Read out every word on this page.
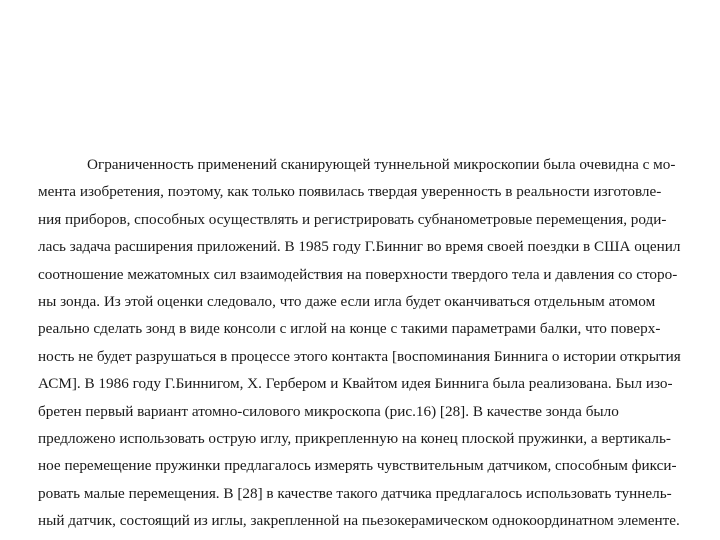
Ограниченность применений сканирующей туннельной микроскопии была очевидна с мо-
мента изобретения, поэтому, как только появилась твердая уверенность в реальности изготовле-
ния приборов, способных осуществлять и регистрировать субнанометровые перемещения, роди-
лась задача расширения приложений. В 1985 году Г.Бинниг во время своей поездки в США оценил
соотношение межатомных сил взаимодействия на поверхности твердого тела и давления со сторо-
ны зонда. Из этой оценки следовало, что даже если игла будет оканчиваться отдельным атомом
реально сделать зонд в виде консоли с иглой на конце с такими параметрами балки, что поверх-
ность не будет разрушаться в процессе этого контакта [воспоминания Биннига о истории открытия
АСМ]. В 1986 году Г.Биннигом, Х. Гербером и Квайтом идея Биннига была реализована. Был изо-
бретен первый вариант атомно-силового микроскопа (рис.16) [28]. В качестве зонда было
предложено использовать острую иглу, прикрепленную на конец плоской пружинки, а вертикаль-
ное перемещение пружинки предлагалось измерять чувствительным датчиком, способным фикси-
ровать малые перемещения. В [28] в качестве такого датчика предлагалось использовать туннель-
ный датчик, состоящий из иглы, закрепленной на пьезокерамическом однокоординатном элементе.
